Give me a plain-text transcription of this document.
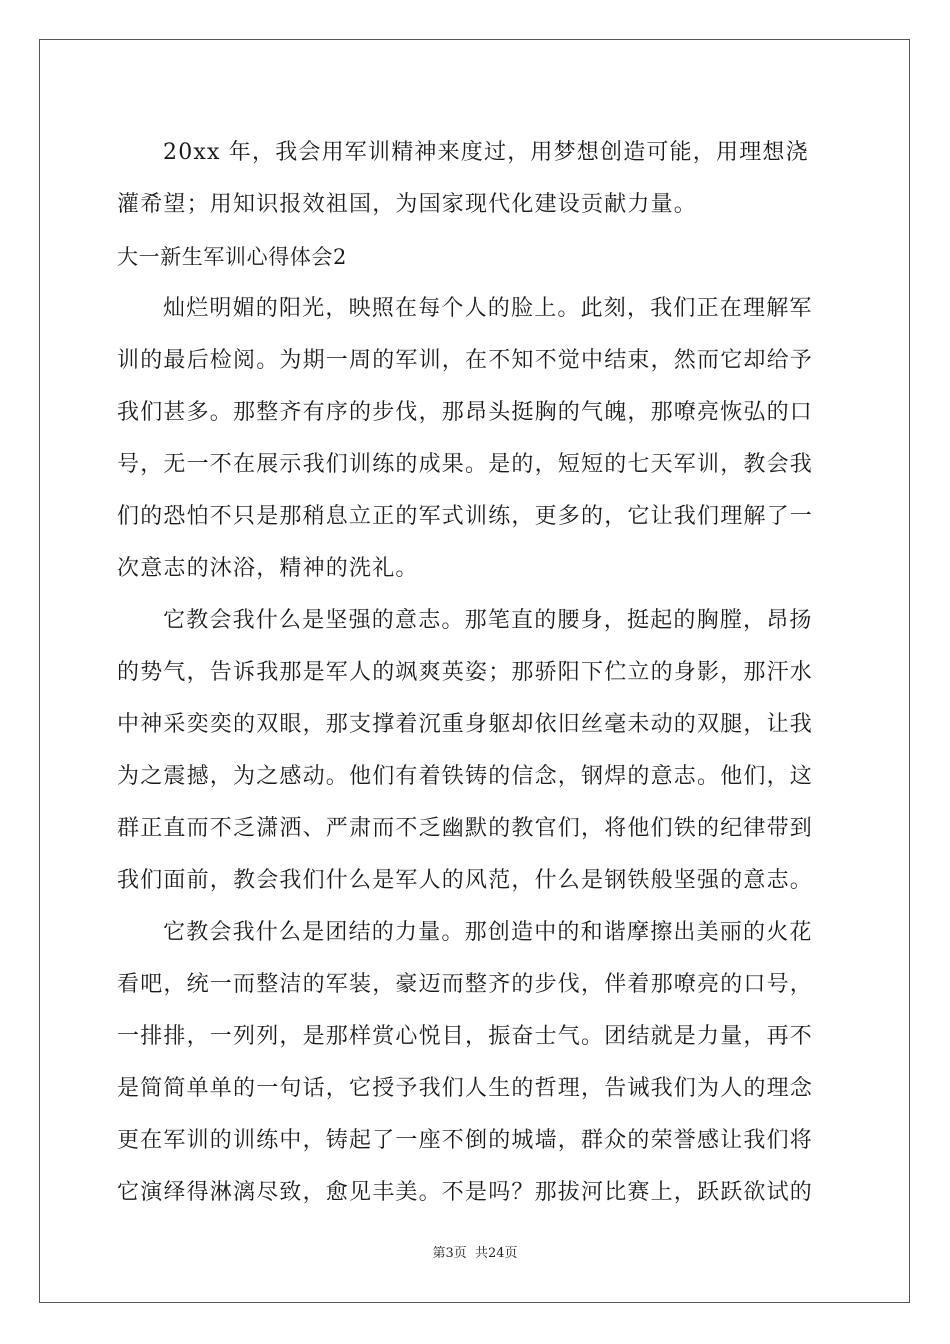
20xx 年，我会用军训精神来度过，用梦想创造可能，用理想浇
灌希望；用知识报效祖国，为国家现代化建设贡献力量。
大一新生军训心得体会2
灿烂明媚的阳光，映照在每个人的脸上。此刻，我们正在理解军
训的最后检阅。为期一周的军训，在不知不觉中结束，然而它却给予
我们甚多。那整齐有序的步伐，那昂头挺胸的气魄，那嘹亮恢弘的口
号，无一不在展示我们训练的成果。是的，短短的七天军训，教会我
们的恐怕不只是那稍息立正的军式训练，更多的，它让我们理解了一
次意志的沐浴，精神的洗礼。
它教会我什么是坚强的意志。那笔直的腰身，挺起的胸膛，昂扬
的势气，告诉我那是军人的飒爽英姿；那骄阳下伫立的身影，那汗水
中神采奕奕的双眼，那支撑着沉重身躯却依旧丝毫未动的双腿，让我
为之震撼，为之感动。他们有着铁铸的信念，钢焊的意志。他们，这
群正直而不乏潇洒、严肃而不乏幽默的教官们，将他们铁的纪律带到
我们面前，教会我们什么是军人的风范，什么是钢铁般坚强的意志。
它教会我什么是团结的力量。那创造中的和谐摩擦出美丽的火花
看吧，统一而整洁的军装，豪迈而整齐的步伐，伴着那嘹亮的口号，
一排排，一列列，是那样赏心悦目，振奋士气。团结就是力量，再不
是简简单单的一句话，它授予我们人生的哲理，告诫我们为人的理念
更在军训的训练中，铸起了一座不倒的城墙，群众的荣誉感让我们将
它演绎得淋漓尽致，愈见丰美。不是吗？那拔河比赛上，跃跃欲试的
第3页 共24页
